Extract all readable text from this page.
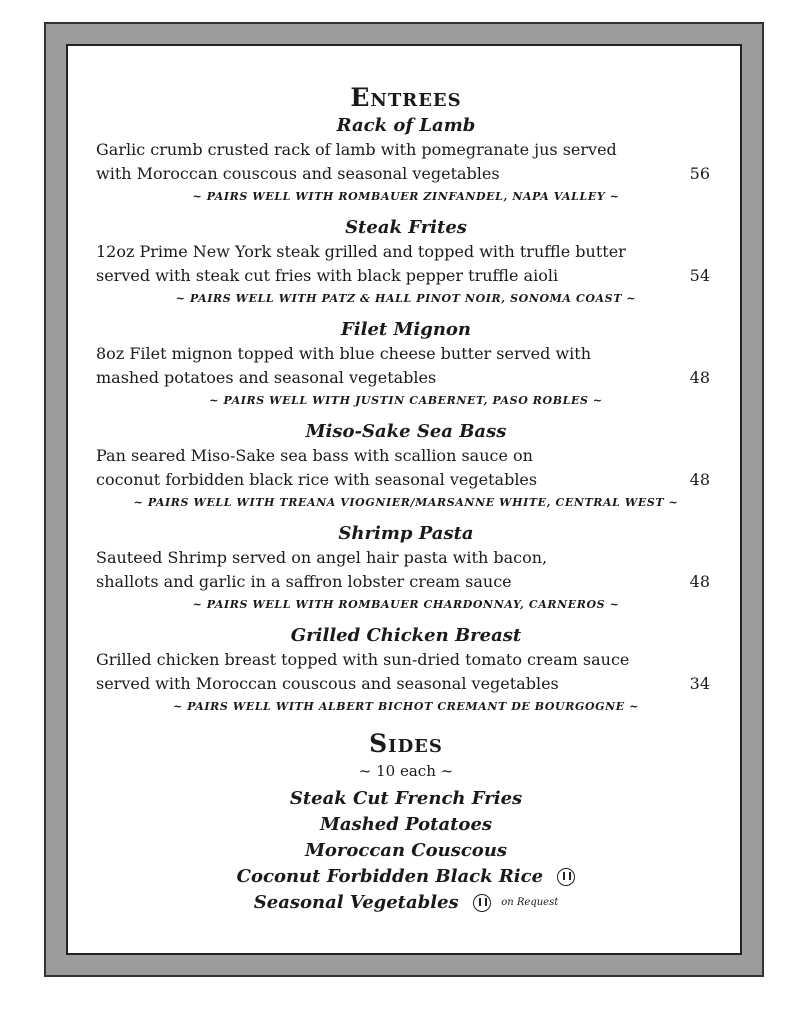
Entrees
Rack of Lamb
Garlic crumb crusted rack of lamb with pomegranate jus served
with Moroccan couscous and seasonal vegetables	56
~ PAIRS WELL WITH ROMBAUER ZINFANDEL, NAPA VALLEY ~
Steak Frites
12oz Prime New York steak grilled and topped with truffle butter
served with steak cut fries with black pepper truffle aioli	54
~ PAIRS WELL WITH PATZ & HALL PINOT NOIR, SONOMA COAST ~
Filet Mignon
8oz Filet mignon topped with blue cheese butter served with
mashed potatoes and seasonal vegetables	48
~ PAIRS WELL WITH JUSTIN CABERNET, PASO ROBLES ~
Miso-Sake Sea Bass
Pan seared Miso-Sake sea bass with scallion sauce on
coconut forbidden black rice with seasonal vegetables	48
~ PAIRS WELL WITH TREANA VIOGNIER/MARSANNE WHITE, CENTRAL WEST ~
Shrimp Pasta
Sauteed Shrimp served on angel hair pasta with bacon,
shallots and garlic in a saffron lobster cream sauce	48
~ PAIRS WELL WITH ROMBAUER CHARDONNAY, CARNEROS ~
Grilled Chicken Breast
Grilled chicken breast topped with sun-dried tomato cream sauce
served with Moroccan couscous and seasonal vegetables	34
~ PAIRS WELL WITH ALBERT BICHOT CREMANT DE BOURGOGNE ~
Sides
~ 10 each ~
Steak Cut French Fries
Mashed Potatoes
Moroccan Couscous
Coconut Forbidden Black Rice
Seasonal Vegetables	on Request
